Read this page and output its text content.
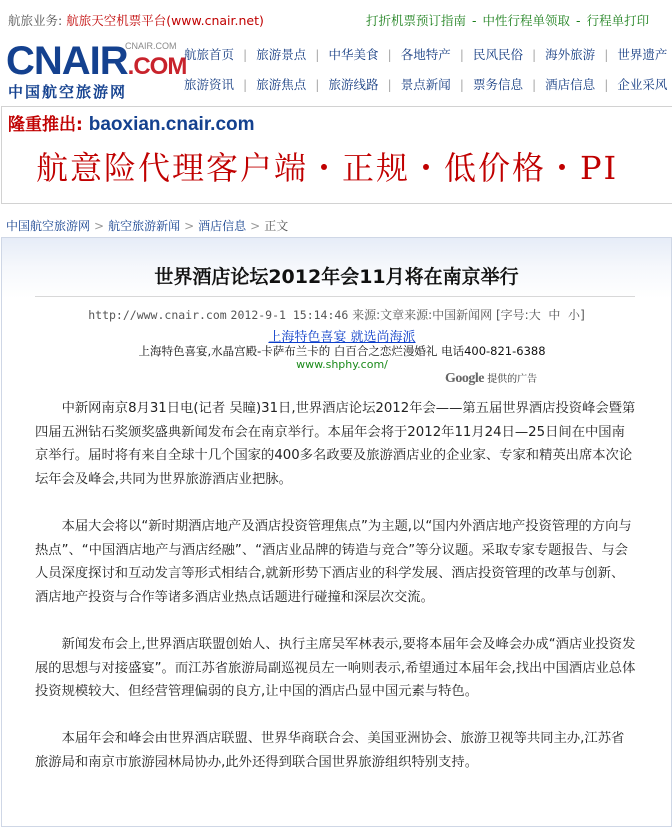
航旅业务: 航旅天空机票平台(www.cnair.net)	打折机票预订指南 - 中性行程单领取 - 行程单打印
CNAIR.COM
CNAIR.COM
中国航空旅游网
航旅首页 | 旅游景点 | 中华美食 | 各地特产 | 民风民俗 | 海外旅游 | 世界遗产
旅游资讯 | 旅游焦点 | 旅游线路 | 景点新闻 | 票务信息 | 酒店信息 | 企业采风
隆重推出: baoxian.cnair.com
航意险代理客户端・正规・低价格・PI
中国航空旅游网 > 航空旅游新闻 > 酒店信息 > 正文
世界酒店论坛2012年会11月将在南京举行
http://www.cnair.com 2012-9-1 15:14:46 来源:文章来源:中国新闻网 [字号:大 中 小]
上海特色喜宴 就选尚海派
上海特色喜宴,水晶宫殿-卡萨布兰卡的 白百合之恋烂漫婚礼 电话400-821-6388
www.shphy.com/
Google 提供的广告

中新网南京8月31日电(记者 吴瞳)31日,世界酒店论坛2012年会——第五届世界酒店投资峰会暨第四届五洲钻石奖颁奖盛典新闻发布会在南京举行。本届年会将于2012年11月24日—25日间在中国南京举行。届时将有来自全球十几个国家的400多名政要及旅游酒店业的企业家、专家和精英出席本次论坛年会及峰会,共同为世界旅游酒店业把脉。

本届大会将以“新时期酒店地产及酒店投资管理焦点”为主题,以“国内外酒店地产投资管理的方向与热点”、“中国酒店地产与酒店经融”、“酒店业品牌的铸造与竞合”等分议题。采取专家专题报告、与会人员深度探讨和互动发言等形式相结合,就新形势下酒店业的科学发展、酒店投资管理的改革与创新、酒店地产投资与合作等诸多酒店业热点话题进行碰撞和深层次交流。

新闻发布会上,世界酒店联盟创始人、执行主席吴军林表示,要将本届年会及峰会办成“酒店业投资发展的思想与对接盛宴”。而江苏省旅游局副巡视员左一响则表示,希望通过本届年会,找出中国酒店业总体投资规模较大、但经营管理偏弱的良方,让中国的酒店凸显中国元素与特色。

本届年会和峰会由世界酒店联盟、世界华商联合会、美国亚洲协会、旅游卫视等共同主办,江苏省旅游局和南京市旅游园林局协办,此外还得到联合国世界旅游组织特别支持。
